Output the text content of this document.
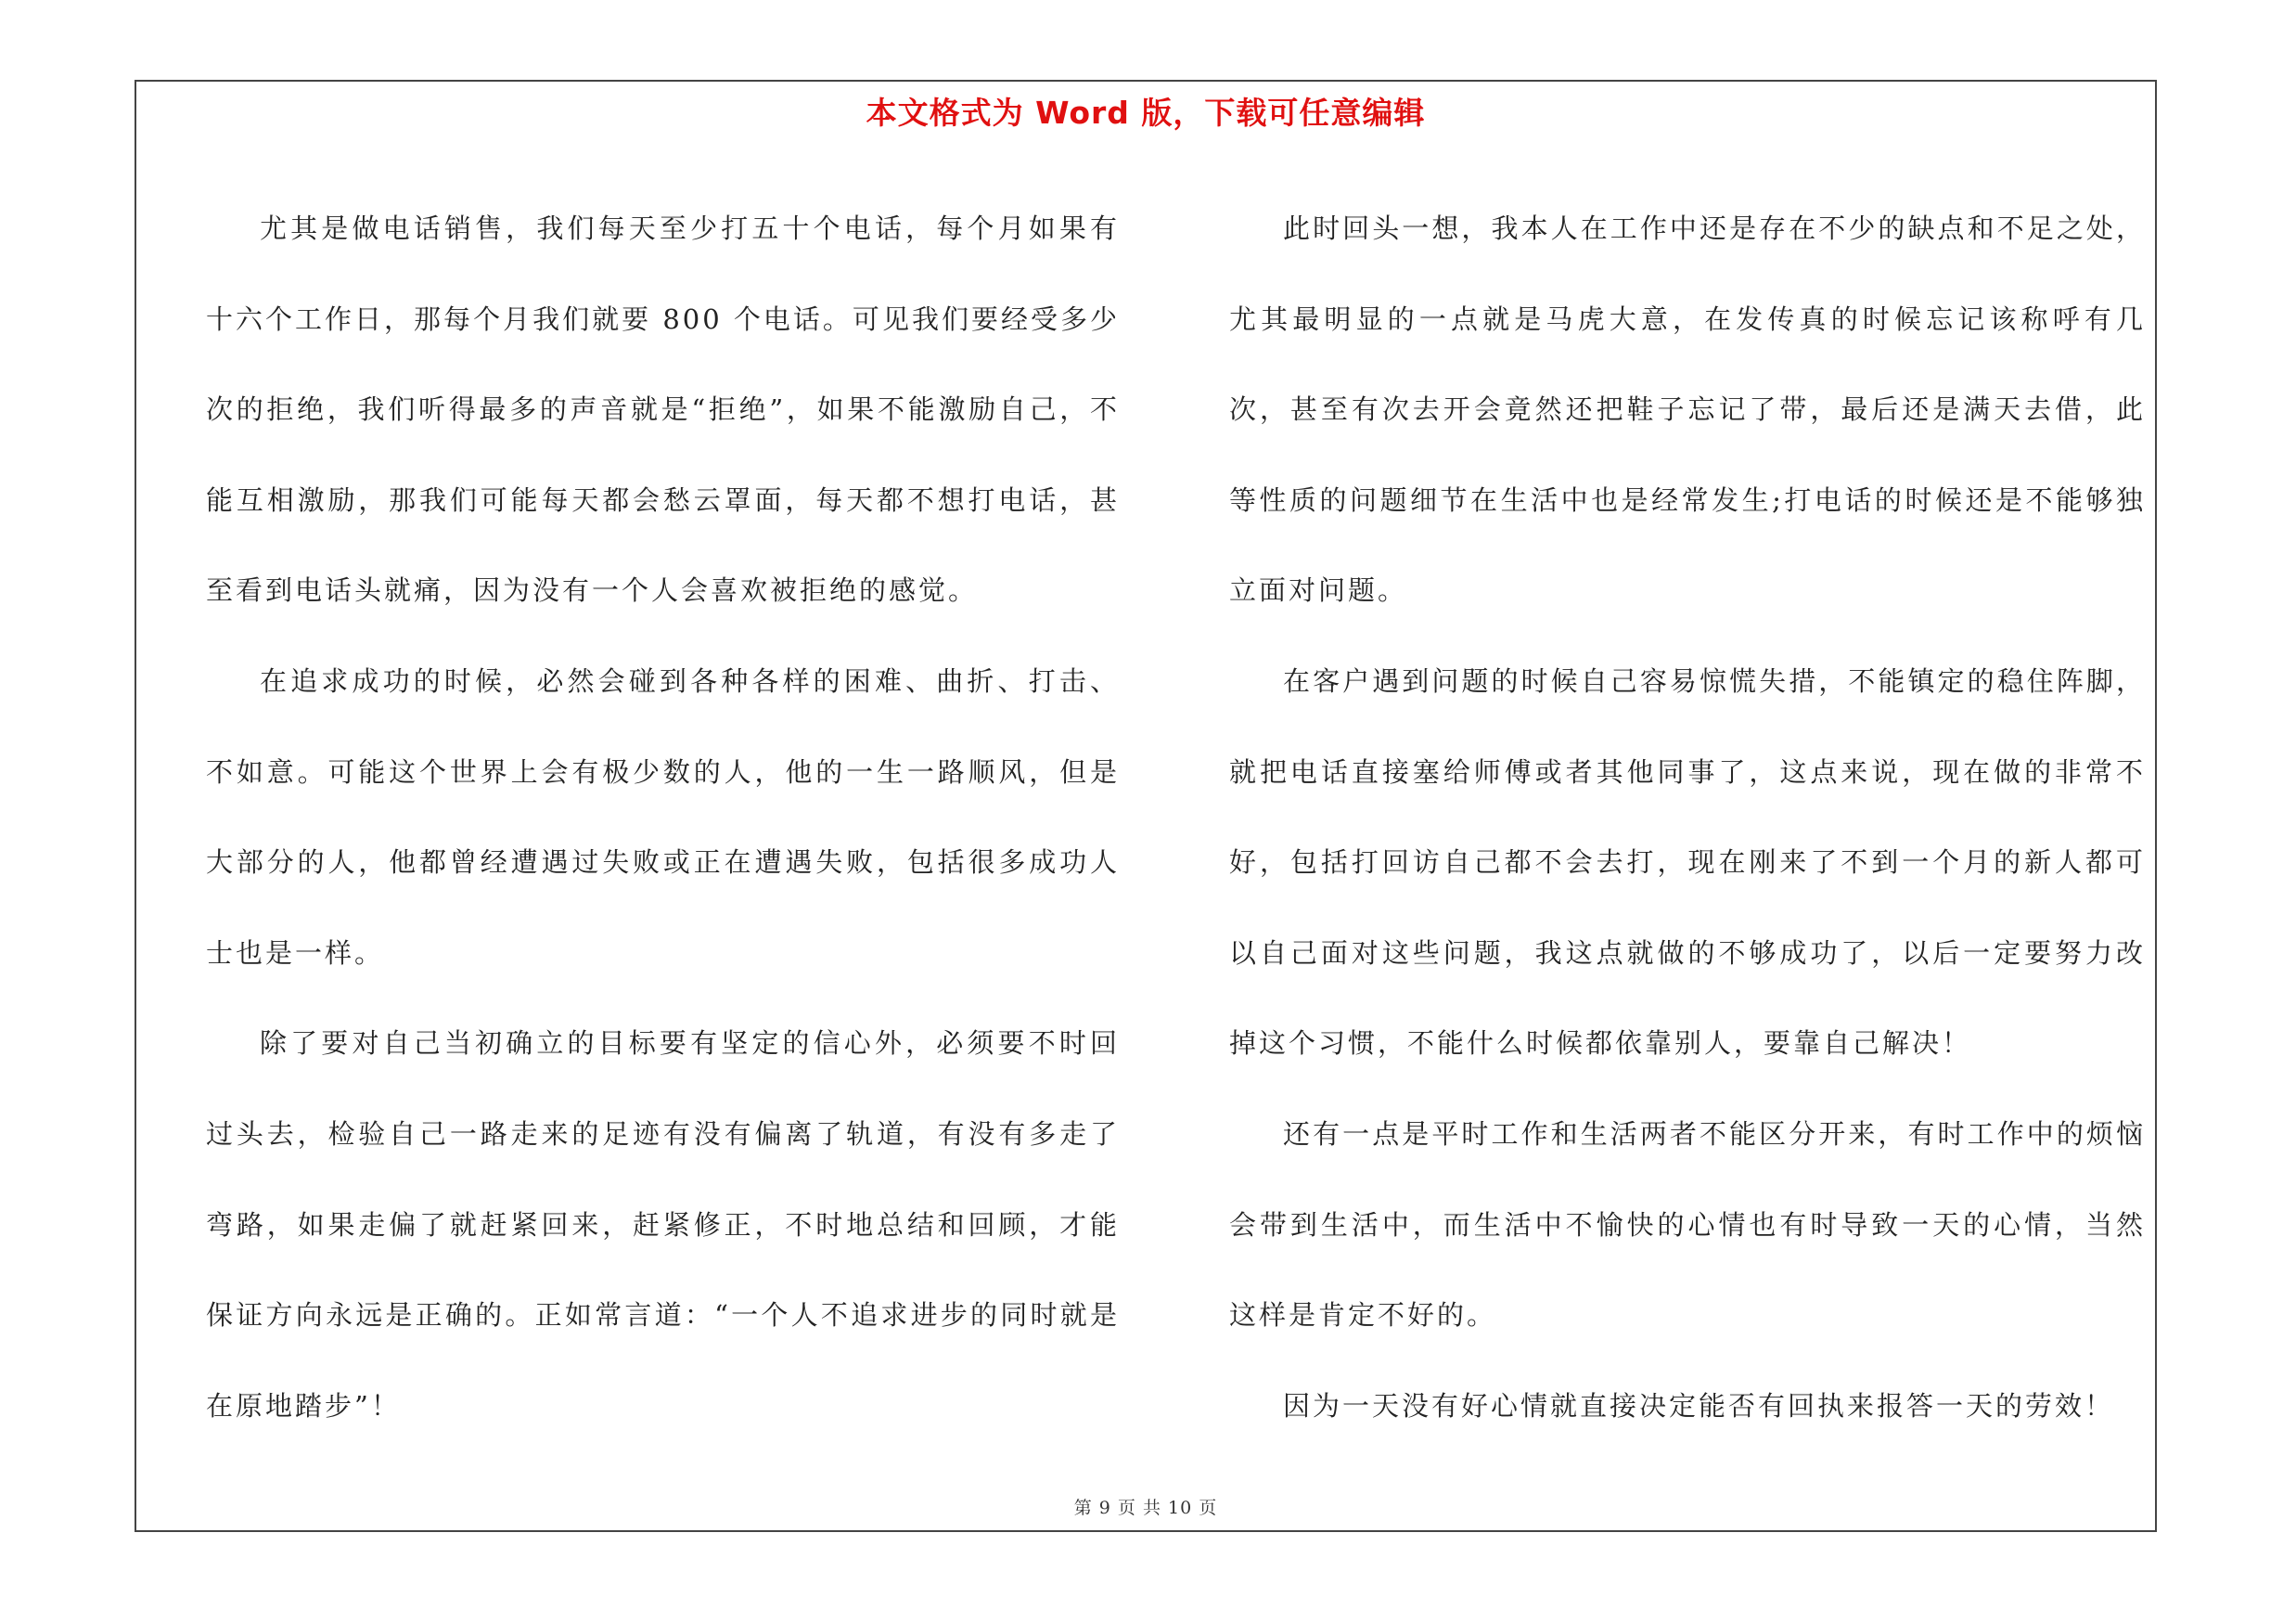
本文格式为 Word 版，下载可任意编辑

尤其是做电话销售，我们每天至少打五十个电话，每个月如果有十六个工作日，那每个月我们就要 800 个电话。可见我们要经受多少次的拒绝，我们听得最多的声音就是“拒绝”，如果不能激励自己，不能互相激励，那我们可能每天都会愁云罩面，每天都不想打电话，甚至看到电话头就痛，因为没有一个人会喜欢被拒绝的感觉。

在追求成功的时候，必然会碰到各种各样的困难、曲折、打击、不如意。可能这个世界上会有极少数的人，他的一生一路顺风，但是大部分的人，他都曾经遭遇过失败或正在遭遇失败，包括很多成功人士也是一样。

除了要对自己当初确立的目标要有坚定的信心外，必须要不时回过头去，检验自己一路走来的足迹有没有偏离了轨道，有没有多走了弯路，如果走偏了就赶紧回来，赶紧修正，不时地总结和回顾，才能保证方向永远是正确的。正如常言道：“一个人不追求进步的同时就是在原地踏步”！

此时回头一想，我本人在工作中还是存在不少的缺点和不足之处，尤其最明显的一点就是马虎大意，在发传真的时候忘记该称呼有几次，甚至有次去开会竟然还把鞋子忘记了带，最后还是满天去借，此等性质的问题细节在生活中也是经常发生;打电话的时候还是不能够独立面对问题。

在客户遇到问题的时候自己容易惊慌失措，不能镇定的稳住阵脚，就把电话直接塞给师傅或者其他同事了，这点来说，现在做的非常不好，包括打回访自己都不会去打，现在刚来了不到一个月的新人都可以自己面对这些问题，我这点就做的不够成功了，以后一定要努力改掉这个习惯，不能什么时候都依靠别人，要靠自己解决！

还有一点是平时工作和生活两者不能区分开来，有时工作中的烦恼会带到生活中，而生活中不愉快的心情也有时导致一天的心情，当然这样是肯定不好的。

因为一天没有好心情就直接决定能否有回执来报答一天的劳效！

第 9 页 共 10 页
